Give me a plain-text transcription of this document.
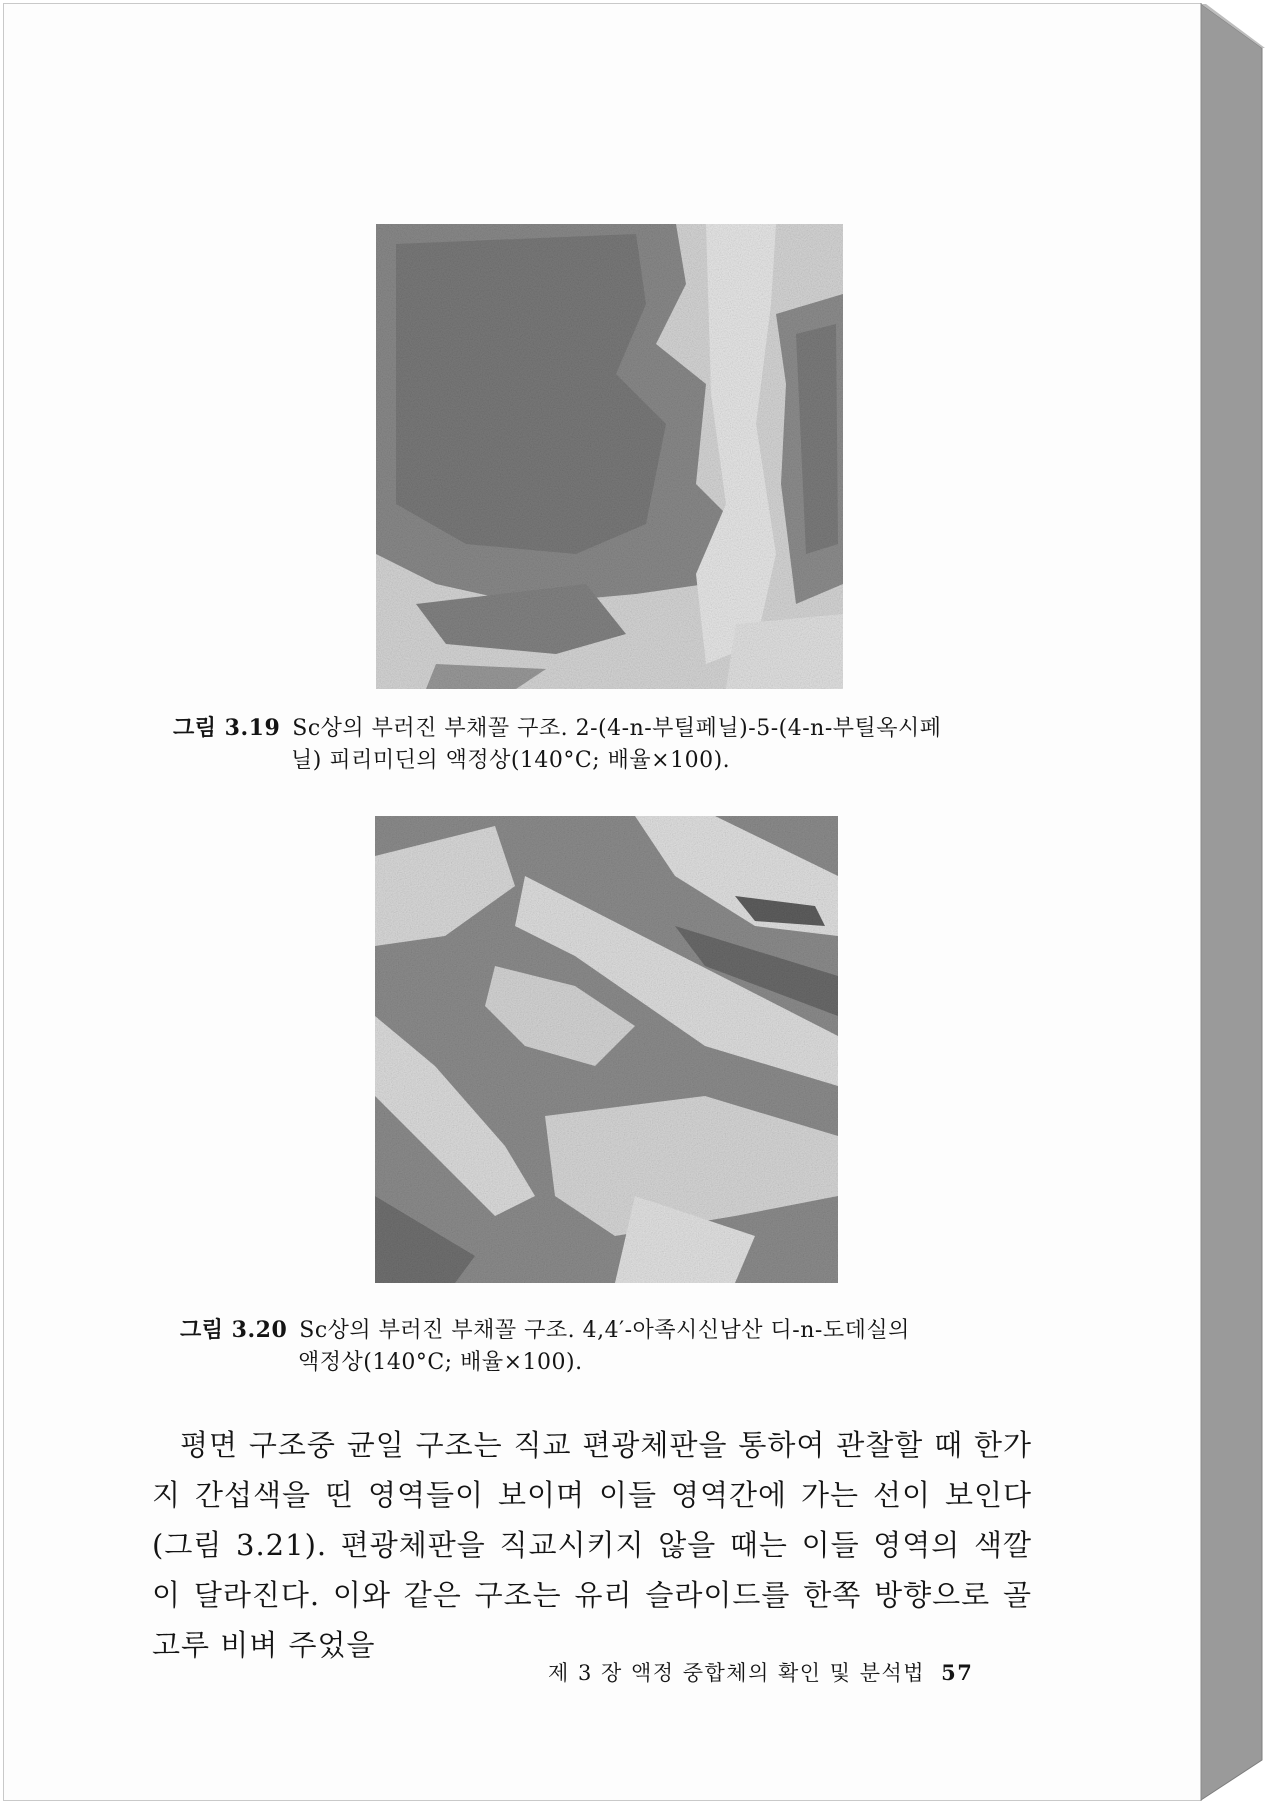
그림 3.19 Sc상의 부러진 부채꼴 구조. 2-(4-n-부틸페닐)-5-(4-n-부틸옥시페
닐) 피리미딘의 액정상(140°C; 배율×100).
그림 3.20 Sc상의 부러진 부채꼴 구조. 4,4′-아족시신남산 디-n-도데실의
액정상(140°C; 배율×100).

평면 구조중 균일 구조는 직교 편광체판을 통하여 관찰할 때 한가지 간섭색을 띤 영역들이 보이며 이들 영역간에 가는 선이 보인다(그림 3.21). 편광체판을 직교시키지 않을 때는 이들 영역의 색깔이 달라진다. 이와 같은 구조는 유리 슬라이드를 한쪽 방향으로 골고루 비벼 주었을

제 3 장 액정 중합체의 확인 및 분석법 57
